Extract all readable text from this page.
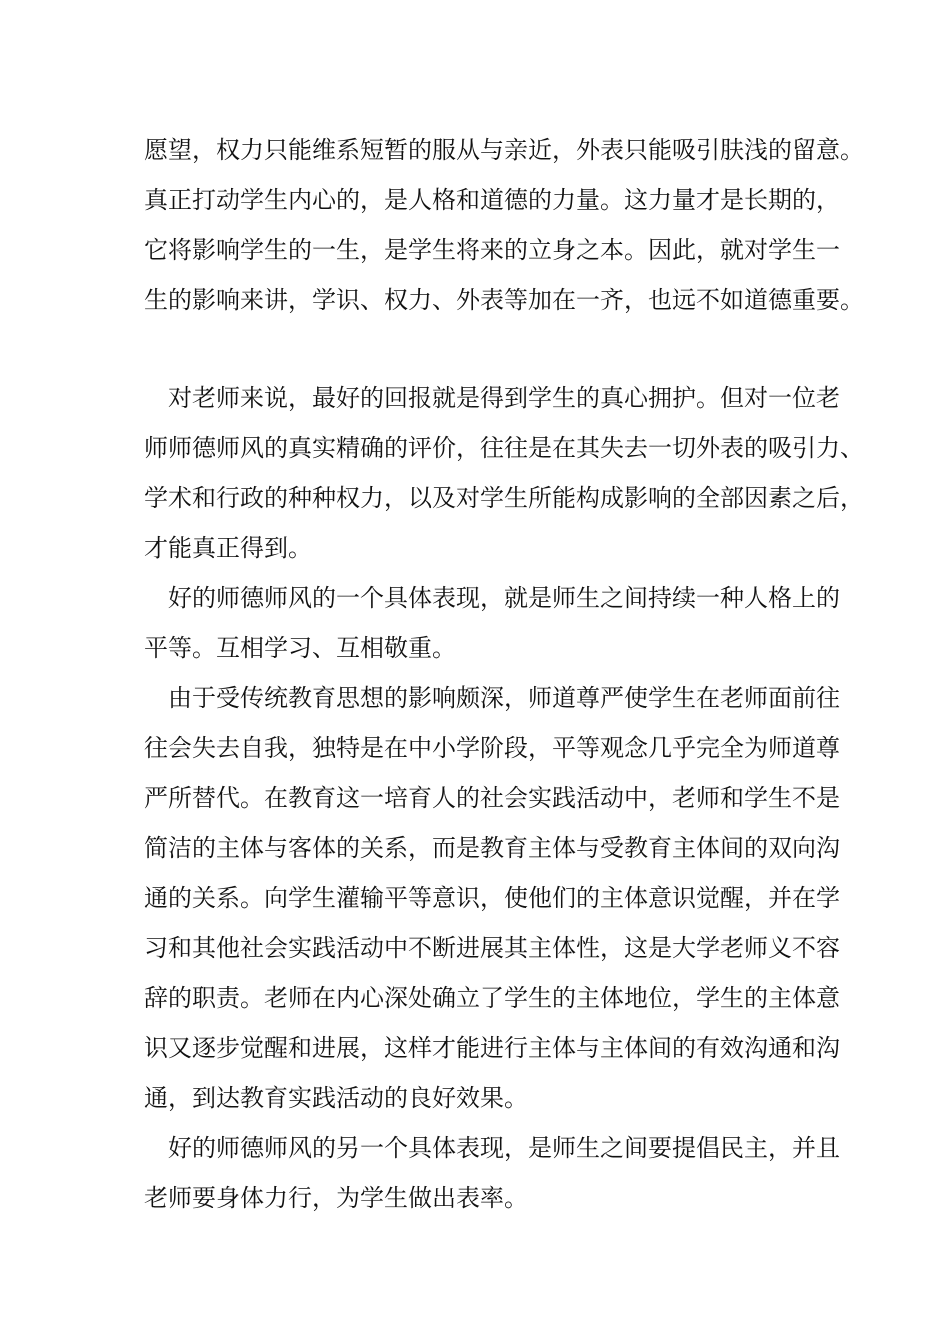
愿望，权力只能维系短暂的服从与亲近，外表只能吸引肤浅的留意。

真正打动学生内心的，是人格和道德的力量。这力量才是长期的，

它将影响学生的一生，是学生将来的立身之本。因此，就对学生一

生的影响来讲，学识、权力、外表等加在一齐，也远不如道德重要。

对老师来说，最好的回报就是得到学生的真心拥护。但对一位老

师师德师风的真实精确的评价，往往是在其失去一切外表的吸引力、

学术和行政的种种权力，以及对学生所能构成影响的全部因素之后，

才能真正得到。

好的师德师风的一个具体表现，就是师生之间持续一种人格上的

平等。互相学习、互相敬重。

由于受传统教育思想的影响颇深，师道尊严使学生在老师面前往

往会失去自我，独特是在中小学阶段，平等观念几乎完全为师道尊

严所替代。在教育这一培育人的社会实践活动中，老师和学生不是

简洁的主体与客体的关系，而是教育主体与受教育主体间的双向沟

通的关系。向学生灌输平等意识，使他们的主体意识觉醒，并在学

习和其他社会实践活动中不断进展其主体性，这是大学老师义不容

辞的职责。老师在内心深处确立了学生的主体地位，学生的主体意

识又逐步觉醒和进展，这样才能进行主体与主体间的有效沟通和沟

通，到达教育实践活动的良好效果。

好的师德师风的另一个具体表现，是师生之间要提倡民主，并且

老师要身体力行，为学生做出表率。
